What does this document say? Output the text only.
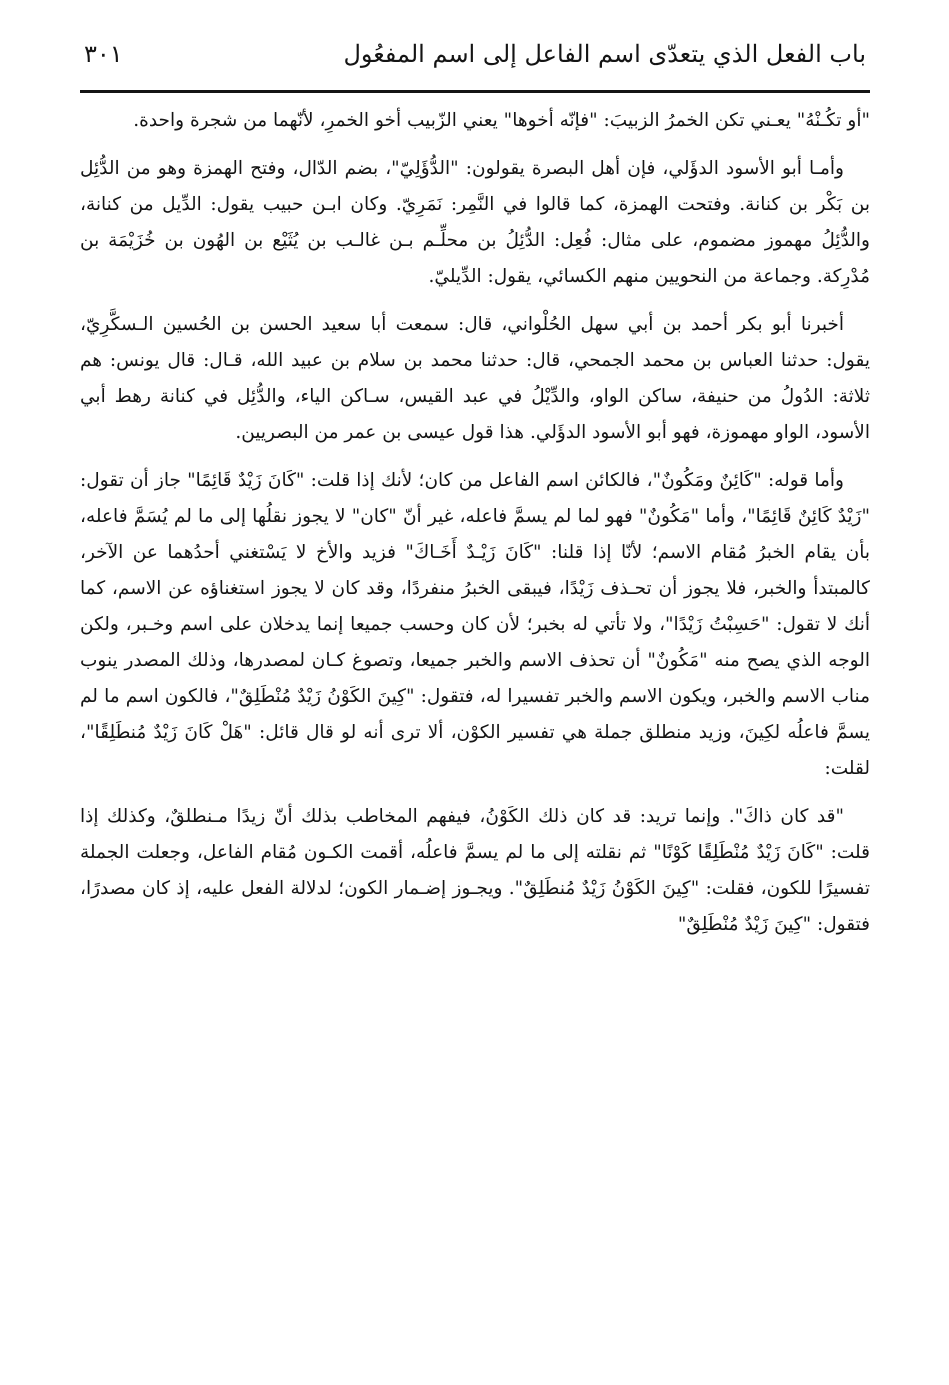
باب الفعل الذي يتعدّى اسم الفاعل إلى اسم المفعُول
٣٠١

"أو تكُـنْهُ" يعـني تكن الخمرُ الزبيبَ: "فإنّه أخوها" يعني الزّبيب أخو الخمرِ، لأنّهما من شجرة واحدة.

وأمـا أبو الأسود الدؤَلي، فإن أهل البصرة يقولون: "الدُّؤَلِيّ"، بضم الدّال، وفتح الهمزة وهو من الدُّئِل بن بَكْر بن كنانة. وفتحت الهمزة، كما قالوا في النَّمِر: نَمَرِيّ. وكان ابـن حبيب يقول: الدِّيل من كنانة، والدُّئِلُ مهموز مضموم، على مثال: فُعِل: الدُّئِلُ بن محلِّـم بـن غالـب بن يُثَيْع بن الهُون بن خُزَيْمَة بن مُدْرِكة. وجماعة من النحويين منهم الكسائي، يقول: الدِّيليّ.

أخبرنا أبو بكر أحمد بن أبي سهل الحُلْواني، قال: سمعت أبا سعيد الحسن بن الحُسين الـسكَّرِيّ، يقول: حدثنا العباس بن محمد الجمحي، قال: حدثنا محمد بن سلام بن عبيد الله، قـال: قال يونس: هم ثلاثة: الدُولُ من حنيفة، ساكن الواو، والدِّيْلُ في عبد القيس، سـاكن الياء، والدُّئِل في كنانة رهط أبي الأسود، الواو مهموزة، فهو أبو الأسود الدؤَلي. هذا قول عيسى بن عمر من البصريين.

وأما قوله: "كَائِنٌ ومَكُونٌ"، فالكائن اسم الفاعل من كان؛ لأنك إذا قلت: "كَانَ زَيْدٌ قَائِمًا" جاز أن تقول: "زَيْدٌ كَائِنٌ قَائِمًا"، وأما "مَكُونٌ" فهو لما لم يسمَّ فاعله، غير أنّ "كان" لا يجوز نقلُها إلى ما لم يُسَمَّ فاعله، بأن يقام الخبرُ مُقام الاسم؛ لأنّا إذا قلنا: "كَانَ زَيْـدٌ أَخَـاكَ" فزيد والأخ لا يَسْتغني أحدُهما عن الآخر، كالمبتدأ والخبر، فلا يجوز أن تحـذف زَيْدًا، فيبقى الخبرُ منفردًا، وقد كان لا يجوز استغناؤه عن الاسم، كما أنك لا تقول: "حَسِبْتُ زَيْدًا"، ولا تأتي له بخبر؛ لأن كان وحسب جميعا إنما يدخلان على اسم وخـبر، ولكن الوجه الذي يصح منه "مَكُونٌ" أن تحذف الاسم والخبر جميعا، وتصوغ كـان لمصدرها، وذلك المصدر ينوب مناب الاسم والخبر، ويكون الاسم والخبر تفسيرا له، فتقول: "كِينَ الكَوْنُ زَيْدٌ مُنْطَلِقٌ"، فالكون اسم ما لم يسمَّ فاعلُه لكِينَ، وزيد منطلق جملة هي تفسير الكوْن، ألا ترى أنه لو قال قائل: "هَلْ كَانَ زَيْدٌ مُنطَلِقًا"، لقلت:

"قد كان ذاكَ". وإنما تريد: قد كان ذلك الكَوْنُ، فيفهم المخاطب بذلك أنّ زيدًا مـنطلقٌ، وكذلك إذا قلت: "كَانَ زَيْدٌ مُنْطَلِقًا كَوْنًا" ثم نقلته إلى ما لم يسمَّ فاعلُه، أقمت الكـون مُقام الفاعل، وجعلت الجملة تفسيرًا للكون، فقلت: "كِينَ الكَوْنُ زَيْدٌ مُنطَلِقٌ". ويجـوز إضـمار الكون؛ لدلالة الفعل عليه، إذ كان مصدرًا، فتقول: "كِينَ زَيْدٌ مُنْطَلِقٌ"
